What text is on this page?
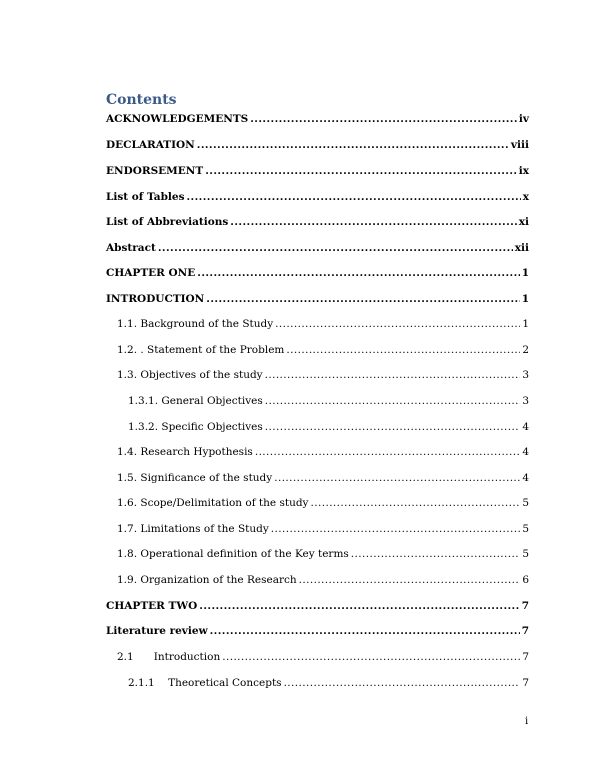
Contents
ACKNOWLEDGEMENTS .....	iv
DECLARATION .....	viii
ENDORSEMENT .....	ix
List of Tables .....	x
List of Abbreviations .....	xi
Abstract .....	xii
CHAPTER ONE .....	1
INTRODUCTION .....	1
1.1. Background of the Study .....	1
1.2. . Statement of the Problem .....	2
1.3. Objectives of the study .....	3
1.3.1. General Objectives .....	3
1.3.2. Specific Objectives .....	4
1.4. Research Hypothesis .....	4
1.5. Significance of the study .....	4
1.6. Scope/Delimitation of the study .....	5
1.7. Limitations of the Study .....	5
1.8. Operational definition of the Key terms .....	5
1.9. Organization of the Research .....	6
CHAPTER TWO .....	7
Literature review .....	7
2.1      Introduction .....	7
2.1.1    Theoretical Concepts .....	7
i
